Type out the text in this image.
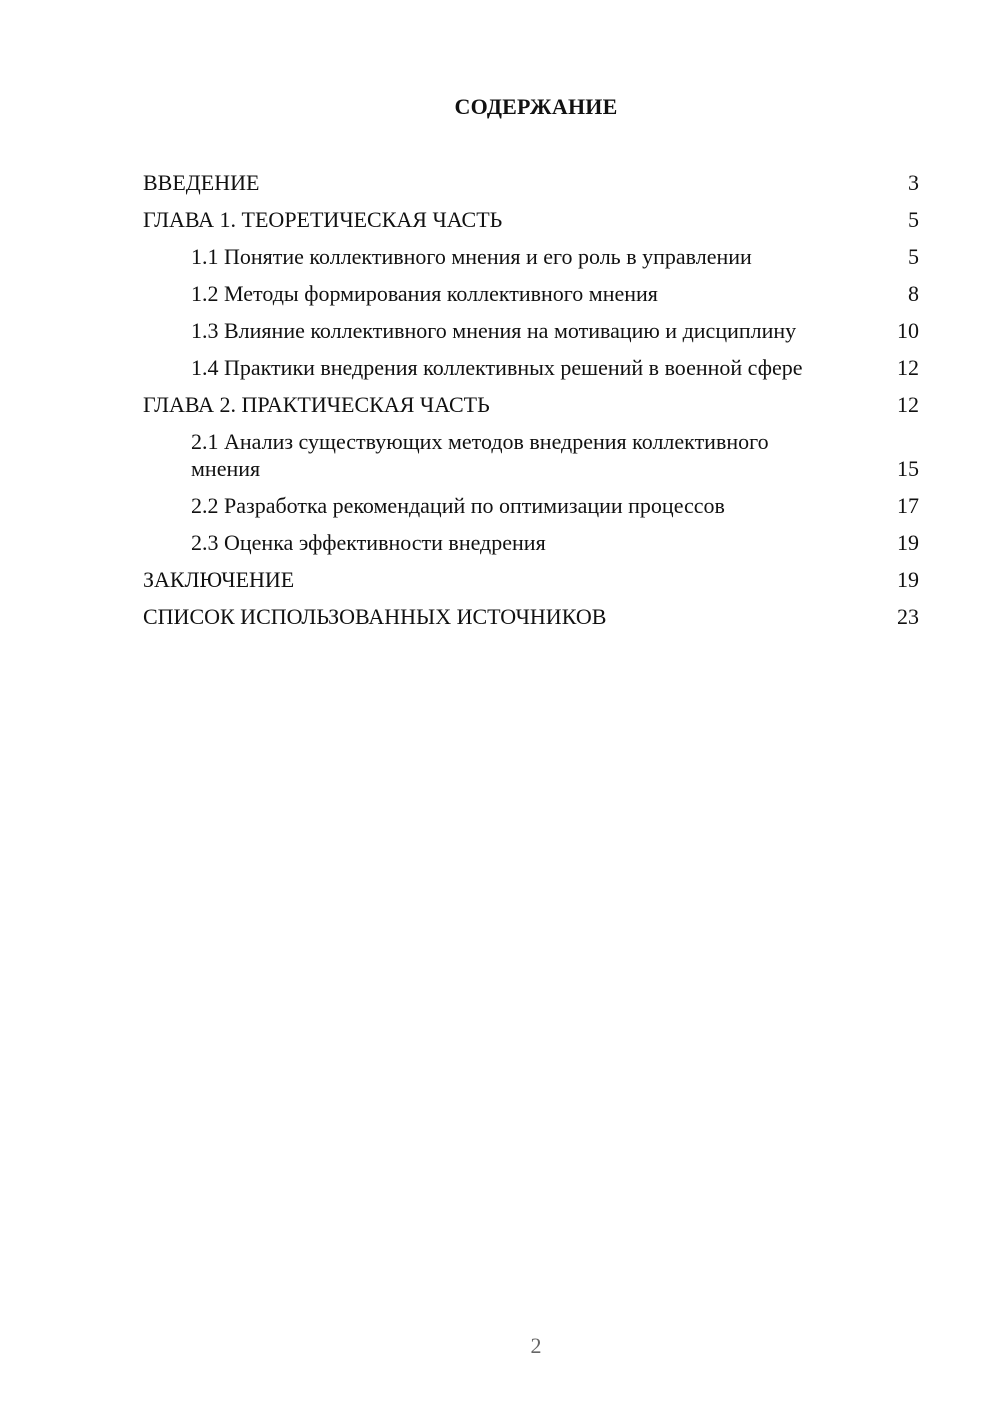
СОДЕРЖАНИЕ
ВВЕДЕНИЕ	3
ГЛАВА 1. ТЕОРЕТИЧЕСКАЯ ЧАСТЬ	5
1.1 Понятие коллективного мнения и его роль в управлении	5
1.2 Методы формирования коллективного мнения	8
1.3 Влияние коллективного мнения на мотивацию и дисциплину	10
1.4 Практики внедрения коллективных решений в военной сфере	12
ГЛАВА 2. ПРАКТИЧЕСКАЯ ЧАСТЬ	12
2.1 Анализ существующих методов внедрения коллективного мнения	15
2.2 Разработка рекомендаций по оптимизации процессов	17
2.3 Оценка эффективности внедрения	19
ЗАКЛЮЧЕНИЕ	19
СПИСОК ИСПОЛЬЗОВАННЫХ ИСТОЧНИКОВ	23
2
